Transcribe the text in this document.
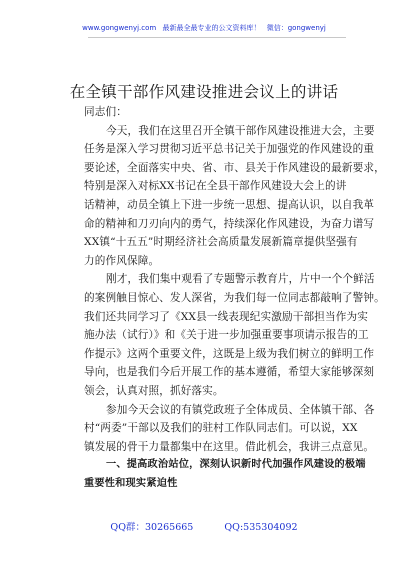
www.gongwenyj.com 最新最全最专业的公文资料库！ 微信：gongwenyj
在全镇干部作风建设推进会议上的讲话
同志们：
今天，我们在这里召开全镇干部作风建设推进大会，主要
任务是深入学习贯彻习近平总书记关于加强党的作风建设的重
要论述，全面落实中央、省、市、县关于作风建设的最新要求，
特别是深入对标XX书记在全县干部作风建设大会上的讲
话精神，动员全镇上下进一步统一思想、提高认识，以自我革
命的精神和刀刃向内的勇气，持续深化作风建设，为奋力谱写
XX镇“十五五”时期经济社会高质量发展新篇章提供坚强有
力的作风保障。
刚才，我们集中观看了专题警示教育片，片中一个个鲜活
的案例触目惊心、发人深省，为我们每一位同志都敲响了警钟。
我们还共同学习了《XX县一线表现纪实激励干部担当作为实
施办法（试行）》和《关于进一步加强重要事项请示报告的工
作提示》这两个重要文件，这既是上级为我们树立的鲜明工作
导向，也是我们今后开展工作的基本遵循，希望大家能够深刻
领会，认真对照，抓好落实。
参加今天会议的有镇党政班子全体成员、全体镇干部、各
村“两委”干部以及我们的驻村工作队同志们。可以说，XX
镇发展的骨干力量都集中在这里。借此机会，我讲三点意见。
一、提高政治站位，深刻认识新时代加强作风建设的极端
重要性和现实紧迫性
QQ群：30265665	QQ:535304092
